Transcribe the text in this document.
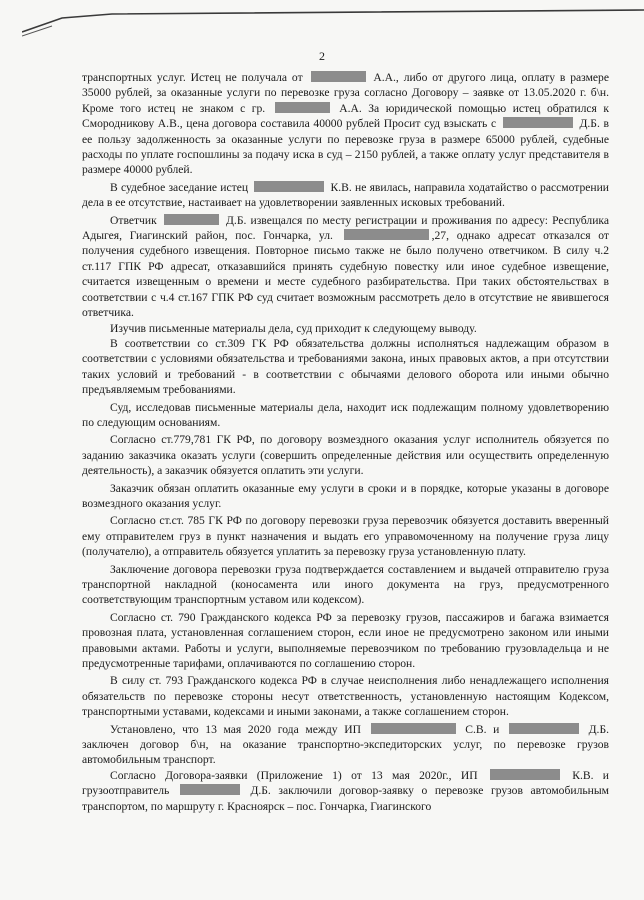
2

транспортных услуг. Истец не получала от	А.А., либо от другого лица, оплату в размере 35000 рублей, за оказанные услуги по перевозке груза согласно Договору – заявке от 13.05.2020 г. б\н. Кроме того истец не знаком с гр.	А.А. За юридической помощью истец обратился к Смородникову А.В., цена договора составила 40000 рублей Просит суд взыскать с	Д.Б. в ее пользу задолженность за оказанные услуги по перевозке груза в размере 65000 рублей, судебные расходы по уплате госпошлины за подачу иска в суд – 2150 рублей, а также оплату услуг представителя в размере 40000 рублей.

В судебное заседание истец	К.В. не явилась, направила ходатайство о рассмотрении дела в ее отсутствие, настаивает на удовлетворении заявленных исковых требований.

Ответчик	Д.Б. извещался по месту регистрации и проживания по адресу: Республика Адыгея, Гиагинский район, пос. Гончарка, ул.	,27, однако адресат отказался от получения судебного извещения. Повторное письмо также не было получено ответчиком. В силу ч.2 ст.117 ГПК РФ адресат, отказавшийся принять судебную повестку или иное судебное извещение, считается извещенным о времени и месте судебного разбирательства. При таких обстоятельствах в соответствии с ч.4 ст.167 ГПК РФ суд считает возможным рассмотреть дело в отсутствие не явившегося ответчика.

Изучив письменные материалы дела, суд приходит к следующему выводу.

В соответствии со ст.309 ГК РФ обязательства должны исполняться надлежащим образом в соответствии с условиями обязательства и требованиями закона, иных правовых актов, а при отсутствии таких условий и требований - в соответствии с обычаями делового оборота или иными обычно предъявляемым требованиями.

Суд, исследовав письменные материалы дела, находит иск подлежащим полному удовлетворению по следующим основаниям.

Согласно ст.779,781 ГК РФ, по договору возмездного оказания услуг исполнитель обязуется по заданию заказчика оказать услуги (совершить определенные действия или осуществить определенную деятельность), а заказчик обязуется оплатить эти услуги.

Заказчик обязан оплатить оказанные ему услуги в сроки и в порядке, которые указаны в договоре возмездного оказания услуг.

Согласно ст.ст. 785 ГК РФ по договору перевозки груза перевозчик обязуется доставить вверенный ему отправителем груз в пункт назначения и выдать его управомоченному на получение груза лицу (получателю), а отправитель обязуется уплатить за перевозку груза установленную плату.

Заключение договора перевозки груза подтверждается составлением и выдачей отправителю груза транспортной накладной (коносамента или иного документа на груз, предусмотренного соответствующим транспортным уставом или кодексом).

Согласно ст. 790 Гражданского кодекса РФ за перевозку грузов, пассажиров и багажа взимается провозная плата, установленная соглашением сторон, если иное не предусмотрено законом или иными правовыми актами. Работы и услуги, выполняемые перевозчиком по требованию грузовладельца и не предусмотренные тарифами, оплачиваются по соглашению сторон.

В силу ст. 793 Гражданского кодекса РФ в случае неисполнения либо ненадлежащего исполнения обязательств по перевозке стороны несут ответственность, установленную настоящим Кодексом, транспортными уставами, кодексами и иными законами, а также соглашением сторон.

Установлено, что 13 мая 2020 года между ИП	С.В. и	Д.Б. заключен договор б\н, на оказание транспортно-экспедиторских услуг, по перевозке грузов автомобильным транспорт.

Согласно Договора-заявки (Приложение 1) от 13 мая 2020г., ИП	К.В. и грузоотправитель	Д.Б. заключили договор-заявку о перевозке грузов автомобильным транспортом, по маршруту г. Красноярск – пос. Гончарка, Гиагинского
